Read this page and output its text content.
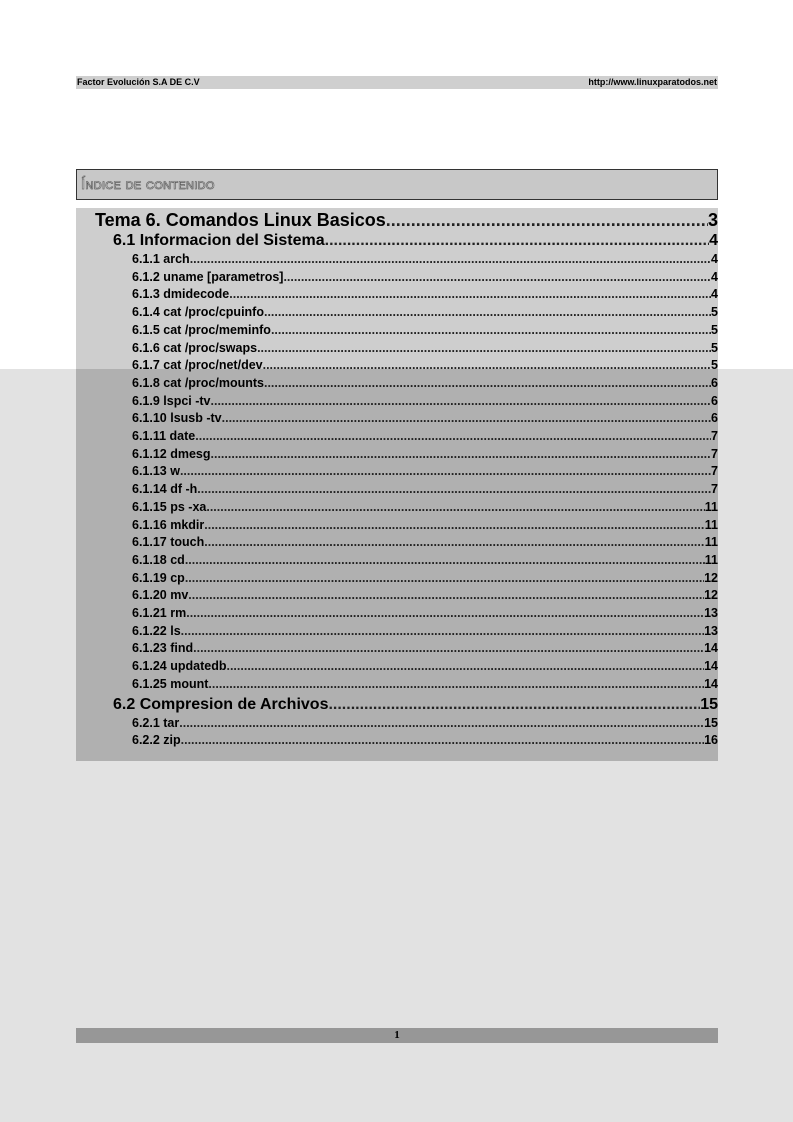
Factor Evolución S.A DE C.V	http://www.linuxparatodos.net
Índice de contenido
Tema 6. Comandos Linux Basicos .....	3
6.1 Informacion del Sistema .....	4
6.1.1 arch .....	4
6.1.2 uname [parametros] .....	4
6.1.3 dmidecode .....	4
6.1.4 cat /proc/cpuinfo .....	5
6.1.5 cat /proc/meminfo .....	5
6.1.6 cat /proc/swaps .....	5
6.1.7 cat /proc/net/dev .....	5
6.1.8 cat /proc/mounts .....	6
6.1.9 lspci -tv .....	6
6.1.10 lsusb -tv .....	6
6.1.11 date .....	7
6.1.12 dmesg .....	7
6.1.13 w .....	7
6.1.14 df -h .....	7
6.1.15 ps -xa .....	11
6.1.16 mkdir .....	11
6.1.17 touch .....	11
6.1.18 cd .....	11
6.1.19 cp .....	12
6.1.20 mv .....	12
6.1.21 rm .....	13
6.1.22 ls .....	13
6.1.23 find .....	14
6.1.24 updatedb .....	14
6.1.25 mount .....	14
6.2 Compresion de Archivos .....	15
6.2.1 tar .....	15
6.2.2 zip .....	16
1
